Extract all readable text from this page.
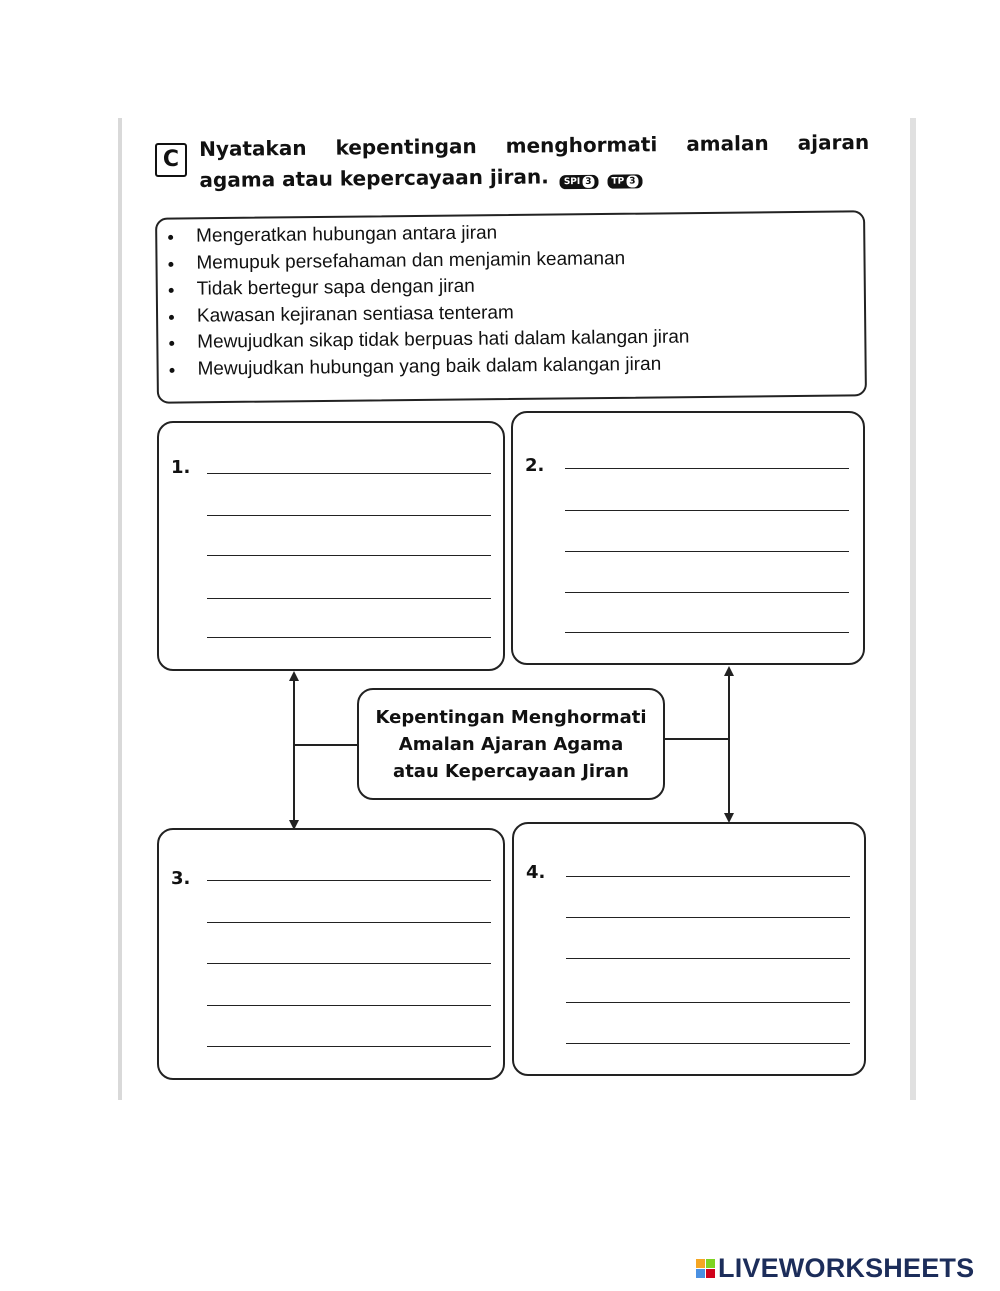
C Nyatakan kepentingan menghormati amalan ajaran
agama atau kepercayaan jiran. SPI 3 TP 3
Mengeratkan hubungan antara jiran
Memupuk persefahaman dan menjamin keamanan
Tidak bertegur sapa dengan jiran
Kawasan kejiranan sentiasa tenteram
Mewujudkan sikap tidak berpuas hati dalam kalangan jiran
Mewujudkan hubungan yang baik dalam kalangan jiran
1.	2.
Kepentingan Menghormati
Amalan Ajaran Agama
atau Kepercayaan Jiran
3.	4.
LIVEWORKSHEETS
